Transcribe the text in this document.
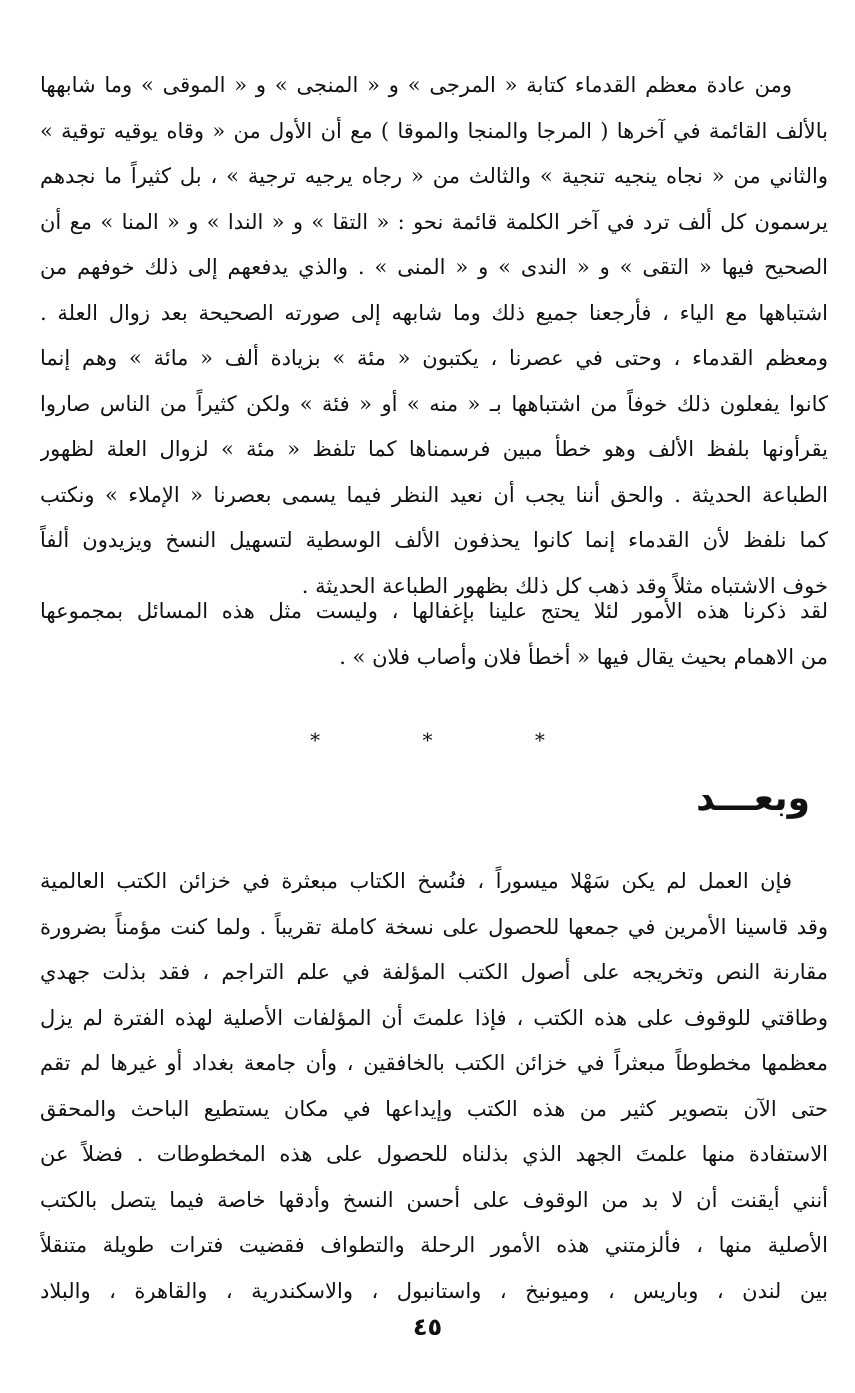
ومن عادة معظم القدماء كتابة « المرجى » و « المنجى » و « الموقى » وما شابهها
بالألف القائمة في آخرها ( المرجا والمنجا والموقا ) مع أن الأول من « وقاه يوقيه توقية »
والثاني من « نجاه ينجيه تنجية » والثالث من « رجاه يرجيه ترجية » ، بل كثيراً ما نجدهم
يرسمون كل ألف ترد في آخر الكلمة قائمة نحو : « التقا » و « الندا » و « المنا » مع أن
الصحيح فيها « التقى » و « الندى » و « المنى » . والذي يدفعهم إلى ذلك خوفهم من
اشتباهها مع الياء ، فأرجعنا جميع ذلك وما شابهه إلى صورته الصحيحة بعد زوال العلة .
ومعظم القدماء ، وحتى في عصرنا ، يكتبون « مئة » بزيادة ألف « مائة » وهم إنما
كانوا يفعلون ذلك خوفاً من اشتباهها بـ « منه » أو « فئة » ولكن كثيراً من الناس صاروا
يقرأونها بلفظ الألف وهو خطأ مبين فرسمناها كما تلفظ « مئة » لزوال العلة لظهور
الطباعة الحديثة . والحق أننا يجب أن نعيد النظر فيما يسمى بعصرنا « الإملاء » ونكتب
كما نلفظ لأن القدماء إنما كانوا يحذفون الألف الوسطية لتسهيل النسخ ويزيدون ألفاً
خوف الاشتباه مثلاً وقد ذهب كل ذلك بظهور الطباعة الحديثة .
لقد ذكرنا هذه الأمور لئلا يحتج علينا بإغفالها ، وليست مثل هذه المسائل بمجموعها
من الاهمام بحيث يقال فيها « أخطأ فلان وأصاب فلان » .
* * *
وبعـــد
فإن العمل لم يكن سَهْلا ميسوراً ، فنُسخ الكتاب مبعثرة في خزائن الكتب العالمية
وقد قاسينا الأمرين في جمعها للحصول على نسخة كاملة تقريباً . ولما كنت مؤمناً بضرورة
مقارنة النص وتخريجه على أصول الكتب المؤلفة في علم التراجم ، فقد بذلت جهدي
وطاقتي للوقوف على هذه الكتب ، فإذا علمتَ أن المؤلفات الأصلية لهذه الفترة لم يزل
معظمها مخطوطاً مبعثراً في خزائن الكتب بالخافقين ، وأن جامعة بغداد أو غيرها لم تقم
حتى الآن بتصوير كثير من هذه الكتب وإيداعها في مكان يستطيع الباحث والمحقق
الاستفادة منها علمتَ الجهد الذي بذلناه للحصول على هذه المخطوطات . فضلاً عن
أنني أيقنت أن لا بد من الوقوف على أحسن النسخ وأدقها خاصة فيما يتصل بالكتب
الأصلية منها ، فألزمتني هذه الأمور الرحلة والتطواف فقضيت فترات طويلة متنقلاً
بين لندن ، وباريس ، وميونيخ ، واستانبول ، والاسكندرية ، والقاهرة ، والبلاد
٤٥
